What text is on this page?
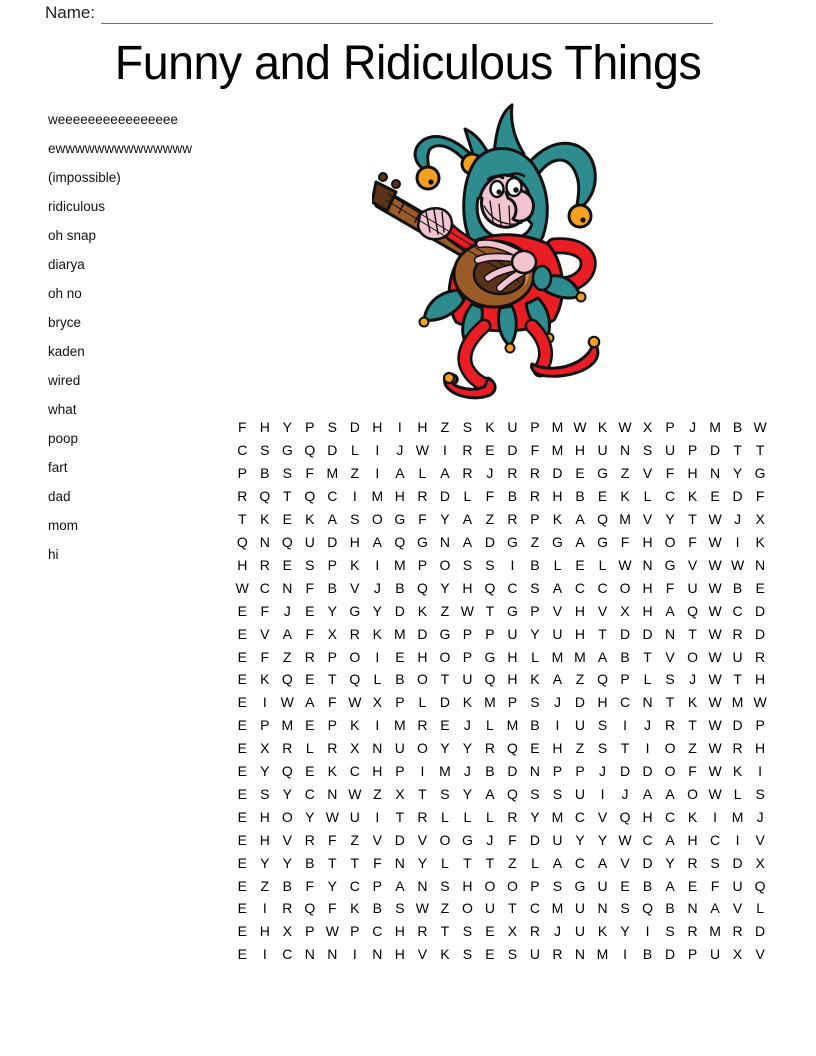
Name:
Funny and Ridiculous Things
weeeeeeeeeeeeeeee
ewwwwwwwwwwwwww
(impossible)
ridiculous
oh snap
diarya
oh no
bryce
kaden
wired
what
poop
fart
dad
mom
hi
F H Y P S D H	I	H Z S K U P M W K W X P	J M B W
C S G Q D L	I	J W I	R E D F M H U N S U P D T T
P B S F M Z	I	A L A R J R R D E G Z V F H N Y G
R Q T Q C	I	M H R D L	F B R H B E K L C K E D F
T K E K A S O G F Y A Z R P K A Q M V Y T W J	X
Q N Q U D H A Q G N A D G Z G A G F H O F W I	K
H R E S P K	I	M P O S S	I	B L E L W N G V W W N
W C N F B V	J	B Q Y H Q C S A C C O H F U W B E
E F	J	E Y G Y D K Z W T G P V H V X H A Q W C D
E V A F X R K M D G P P U Y U H T D D N T W R D
E F Z R P O	I	E H O P G H L M M A B T V O W U R
E K Q E T Q L B O T U Q H K A Z Q P L S	J W T H
E	I W A F W X P L D K M P S	J D H C N T K W M W
E P M E P K	I	M R E	J	L M B	I	U S	I	J R T W D P
E X R L R X N U O Y Y R Q E H Z S T	I	O Z W R H
E Y Q E K C H P	I	M J	B D N P P	J D D O F W K	I
E S Y C N W Z X T S Y A Q S S U	I	J	A A O W L S
E H O Y W U	I	T R L	L	L R Y M C V Q H C K	I	M J
E H V R F Z V D V O G J	F D U Y Y W C A H C	I	V
E Y Y B T T F N Y L	T T Z	L A C A V D Y R S D X
E Z B F Y C P A N S H O O P S G U E B A E F U Q
E	I	R Q F K B S W Z O U T C M U N S Q B N A V L
E H X P W P C H R T S E X R J U K Y	I	S R M R D
E	I	C N N	I	N H V K S E S U R N M	I	B D P U X V
